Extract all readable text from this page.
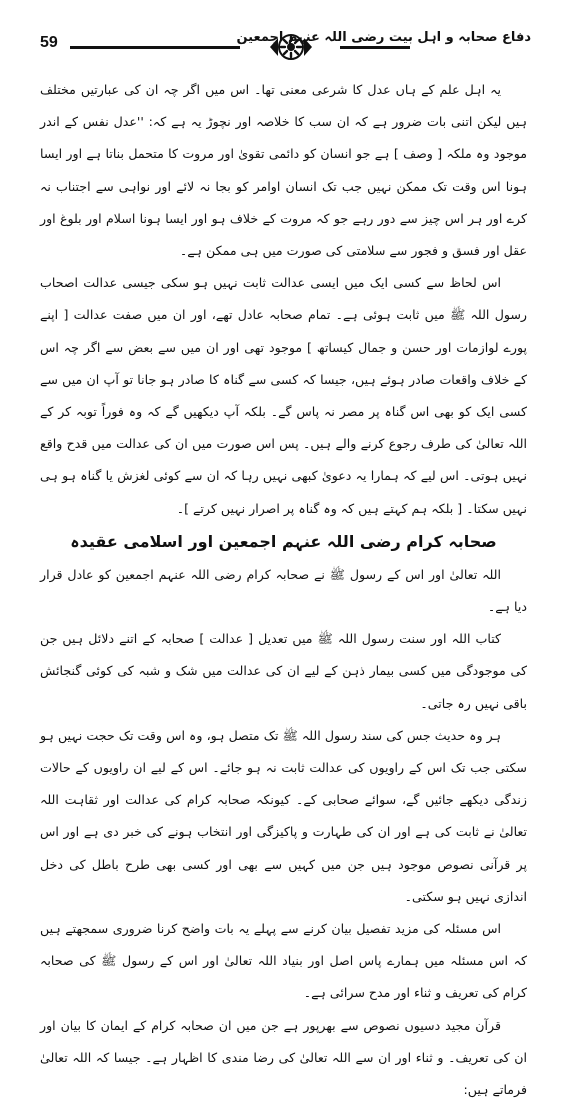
59	دفاع صحابہ و اہل بیت رضی اللہ عنہم اجمعین

یہ اہل علم کے ہاں عدل کا شرعی معنی تھا۔ اس میں اگر چہ ان کی عبارتیں مختلف ہیں لیکن اتنی بات ضرور ہے کہ ان سب کا خلاصہ اور نچوڑ یہ ہے کہ: ''عدل نفس کے اندر موجود وہ ملکہ [ وصف ] ہے جو انسان کو دائمی تقویٰ اور مروت کا متحمل بناتا ہے اور ایسا ہونا اس وقت تک ممکن نہیں جب تک انسان اوامر کو بجا نہ لائے اور نواہی سے اجتناب نہ کرے اور ہر اس چیز سے دور رہے جو کہ مروت کے خلاف ہو اور ایسا ہونا اسلام اور بلوغ اور عقل اور فسق و فجور سے سلامتی کی صورت میں ہی ممکن ہے۔

اس لحاظ سے کسی ایک میں ایسی عدالت ثابت نہیں ہو سکی جیسی عدالت اصحاب رسول اللہ ﷺ میں ثابت ہوئی ہے۔ تمام صحابہ عادل تھے، اور ان میں صفت عدالت [ اپنے پورے لوازمات اور حسن و جمال کیساتھ ] موجود تھی اور ان میں سے بعض سے اگر چہ اس کے خلاف واقعات صادر ہوئے ہیں، جیسا کہ کسی سے گناہ کا صادر ہو جانا تو آپ ان میں سے کسی ایک کو بھی اس گناہ پر مصر نہ پاس گے۔ بلکہ آپ دیکھیں گے کہ وہ فوراً توبہ کر کے اللہ تعالیٰ کی طرف رجوع کرنے والے ہیں۔ پس اس صورت میں ان کی عدالت میں قدح واقع نہیں ہوتی۔ اس لیے کہ ہمارا یہ دعویٰ کبھی نہیں رہا کہ ان سے کوئی لغزش یا گناہ ہو ہی نہیں سکتا۔ [ بلکہ ہم کہتے ہیں کہ وہ گناہ پر اصرار نہیں کرتے ]۔

صحابہ کرام رضی اللہ عنہم اجمعین اور اسلامی عقیدہ

اللہ تعالیٰ اور اس کے رسول ﷺ نے صحابہ کرام رضی اللہ عنہم اجمعین کو عادل قرار دیا ہے۔

کتاب اللہ اور سنت رسول اللہ ﷺ میں تعدیل [ عدالت ] صحابہ کے اتنے دلائل ہیں جن کی موجودگی میں کسی بیمار ذہن کے لیے ان کی عدالت میں شک و شبہ کی کوئی گنجائش باقی نہیں رہ جاتی۔

ہر وہ حدیث جس کی سند رسول اللہ ﷺ تک متصل ہو، وہ اس وقت تک حجت نہیں ہو سکتی جب تک اس کے راویوں کی عدالت ثابت نہ ہو جائے۔ اس کے لیے ان راویوں کے حالات زندگی دیکھے جائیں گے، سوائے صحابی کے۔ کیونکہ صحابہ کرام کی عدالت اور ثقاہت اللہ تعالیٰ نے ثابت کی ہے اور ان کی طہارت و پاکیزگی اور انتخاب ہونے کی خبر دی ہے اور اس پر قرآنی نصوص موجود ہیں جن میں کہیں سے بھی اور کسی بھی طرح باطل کی دخل اندازی نہیں ہو سکتی۔

اس مسئلہ کی مزید تفصیل بیان کرنے سے پہلے یہ بات واضح کرنا ضروری سمجھتے ہیں کہ اس مسئلہ میں ہمارے پاس اصل اور بنیاد اللہ تعالیٰ اور اس کے رسول ﷺ کی صحابہ کرام کی تعریف و ثناء اور مدح سرائی ہے۔

قرآن مجید دسیوں نصوص سے بھرپور ہے جن میں ان صحابہ کرام کے ایمان کا بیان اور ان کی تعریف۔ و ثناء اور ان سے اللہ تعالیٰ کی رضا مندی کا اظہار ہے۔ جیسا کہ اللہ تعالیٰ فرماتے ہیں:
